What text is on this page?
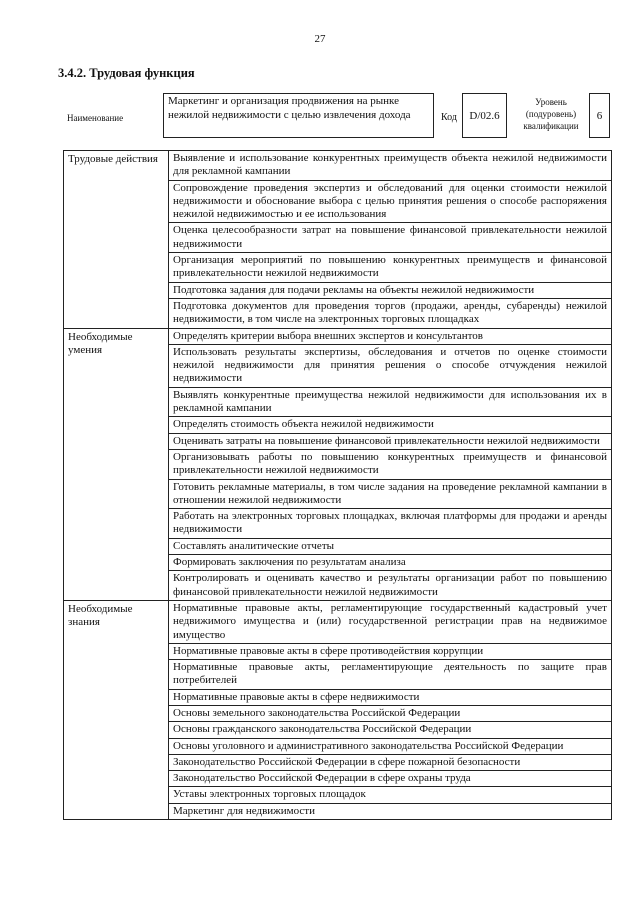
27
3.4.2. Трудовая функция
Наименование
Маркетинг и организация продвижения на рынке нежилой недвижимости с целью извлечения дохода	Код D/02.6
Уровень (подуровень) квалификации
6
Трудовые действия	Выявление и использование конкурентных преимуществ объекта нежилой недвижимости для рекламной кампании
	Сопровождение проведения экспертиз и обследований для оценки стоимости нежилой недвижимости и обоснование выбора с целью принятия решения о способе распоряжения нежилой недвижимостью и ее использования
	Оценка целесообразности затрат на повышение финансовой привлекательности нежилой недвижимости
	Организация мероприятий по повышению конкурентных преимуществ и финансовой привлекательности нежилой недвижимости
	Подготовка задания для подачи рекламы на объекты нежилой недвижимости
	Подготовка документов для проведения торгов (продажи, аренды, субаренды) нежилой недвижимости, в том числе на электронных торговых площадках
Необходимые умения	Определять критерии выбора внешних экспертов и консультантов
	Использовать результаты экспертизы, обследования и отчетов по оценке стоимости нежилой недвижимости для принятия решения о способе отчуждения нежилой недвижимости
	Выявлять конкурентные преимущества нежилой недвижимости для использования их в рекламной кампании
	Определять стоимость объекта нежилой недвижимости
	Оценивать затраты на повышение финансовой привлекательности нежилой недвижимости
	Организовывать работы по повышению конкурентных преимуществ и финансовой привлекательности нежилой недвижимости
	Готовить рекламные материалы, в том числе задания на проведение рекламной кампании в отношении нежилой недвижимости
	Работать на электронных торговых площадках, включая платформы для продажи и аренды недвижимости
	Составлять аналитические отчеты
	Формировать заключения по результатам анализа
	Контролировать и оценивать качество и результаты организации работ по повышению финансовой привлекательности нежилой недвижимости
Необходимые знания	Нормативные правовые акты, регламентирующие государственный кадастровый учет недвижимого имущества и (или) государственной регистрации прав на недвижимое имущество
	Нормативные правовые акты в сфере противодействия коррупции
	Нормативные правовые акты, регламентирующие деятельность по защите прав потребителей
	Нормативные правовые акты в сфере недвижимости
	Основы земельного законодательства Российской Федерации
	Основы гражданского законодательства Российской Федерации
	Основы уголовного и административного законодательства Российской Федерации
	Законодательство Российской Федерации в сфере пожарной безопасности
	Законодательство Российской Федерации в сфере охраны труда
	Уставы электронных торговых площадок
	Маркетинг для недвижимости
